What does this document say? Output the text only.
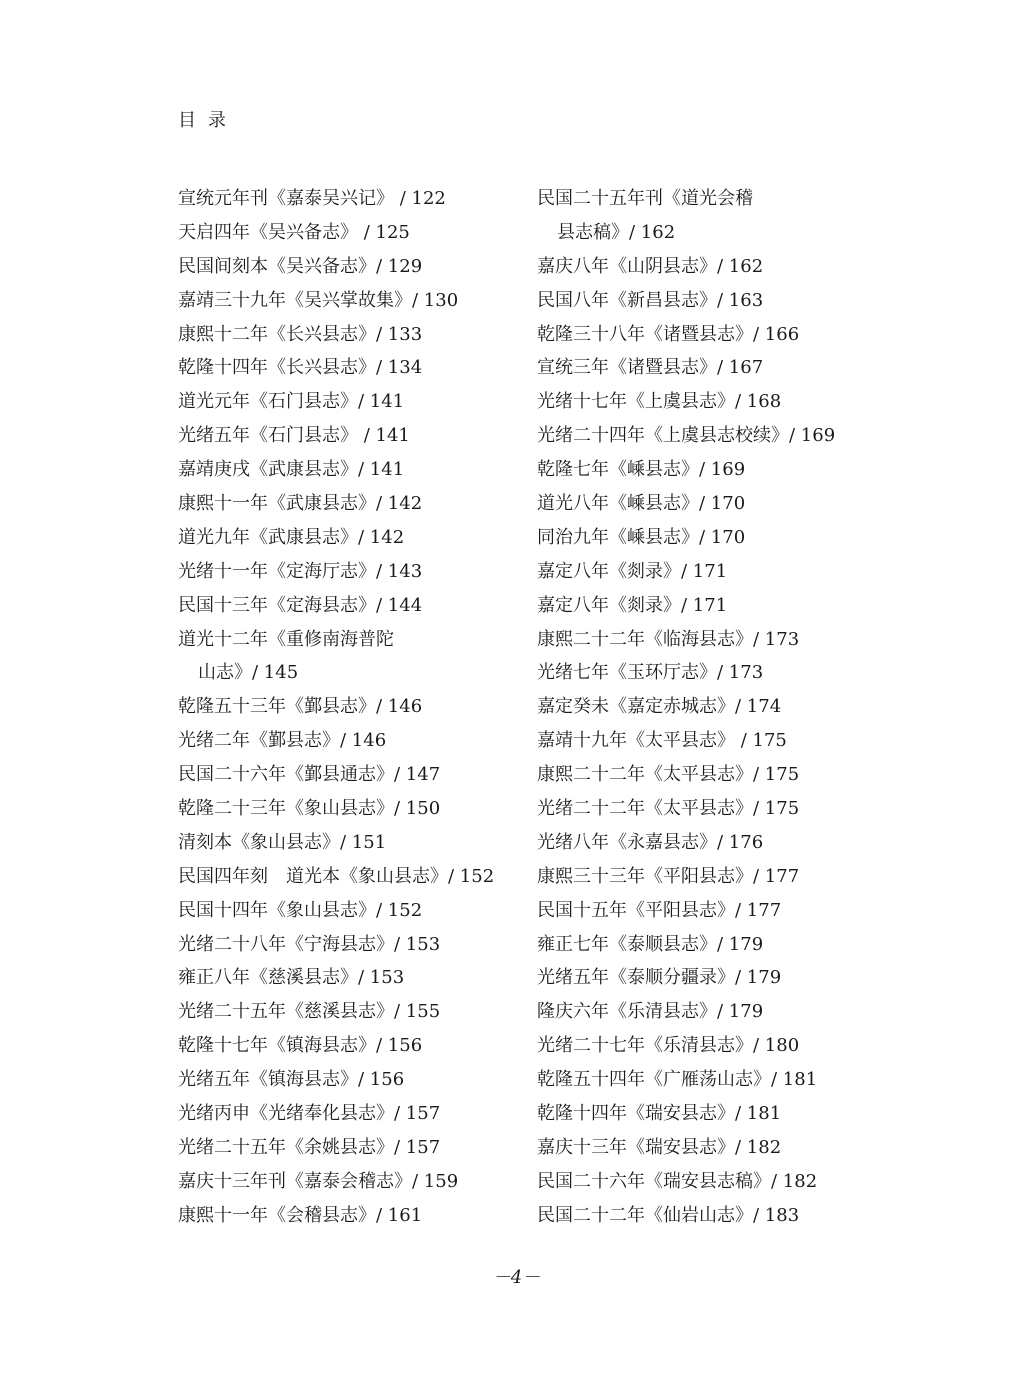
目录
宣统元年刊《嘉泰吴兴记》 / 122
天启四年《吴兴备志》 / 125
民国间刻本《吴兴备志》/ 129
嘉靖三十九年《吴兴掌故集》/ 130
康熙十二年《长兴县志》/ 133
乾隆十四年《长兴县志》/ 134
道光元年《石门县志》/ 141
光绪五年《石门县志》 / 141
嘉靖庚戌《武康县志》/ 141
康熙十一年《武康县志》/ 142
道光九年《武康县志》/ 142
光绪十一年《定海厅志》/ 143
民国十三年《定海县志》/ 144
道光十二年《重修南海普陀
山志》/ 145
乾隆五十三年《鄞县志》/ 146
光绪二年《鄞县志》/ 146
民国二十六年《鄞县通志》/ 147
乾隆二十三年《象山县志》/ 150
清刻本《象山县志》/ 151
民国四年刻　道光本《象山县志》/ 152
民国十四年《象山县志》/ 152
光绪二十八年《宁海县志》/ 153
雍正八年《慈溪县志》/ 153
光绪二十五年《慈溪县志》/ 155
乾隆十七年《镇海县志》/ 156
光绪五年《镇海县志》/ 156
光绪丙申《光绪奉化县志》/ 157
光绪二十五年《余姚县志》/ 157
嘉庆十三年刊《嘉泰会稽志》/ 159
康熙十一年《会稽县志》/ 161
民国二十五年刊《道光会稽
县志稿》/ 162
嘉庆八年《山阴县志》/ 162
民国八年《新昌县志》/ 163
乾隆三十八年《诸暨县志》/ 166
宣统三年《诸暨县志》/ 167
光绪十七年《上虞县志》/ 168
光绪二十四年《上虞县志校续》/ 169
乾隆七年《嵊县志》/ 169
道光八年《嵊县志》/ 170
同治九年《嵊县志》/ 170
嘉定八年《剡录》/ 171
嘉定八年《剡录》/ 171
康熙二十二年《临海县志》/ 173
光绪七年《玉环厅志》/ 173
嘉定癸未《嘉定赤城志》/ 174
嘉靖十九年《太平县志》 / 175
康熙二十二年《太平县志》/ 175
光绪二十二年《太平县志》/ 175
光绪八年《永嘉县志》/ 176
康熙三十三年《平阳县志》/ 177
民国十五年《平阳县志》/ 177
雍正七年《泰顺县志》/ 179
光绪五年《泰顺分疆录》/ 179
隆庆六年《乐清县志》/ 179
光绪二十七年《乐清县志》/ 180
乾隆五十四年《广雁荡山志》/ 181
乾隆十四年《瑞安县志》/ 181
嘉庆十三年《瑞安县志》/ 182
民国二十六年《瑞安县志稿》/ 182
民国二十二年《仙岩山志》/ 183
－4－
